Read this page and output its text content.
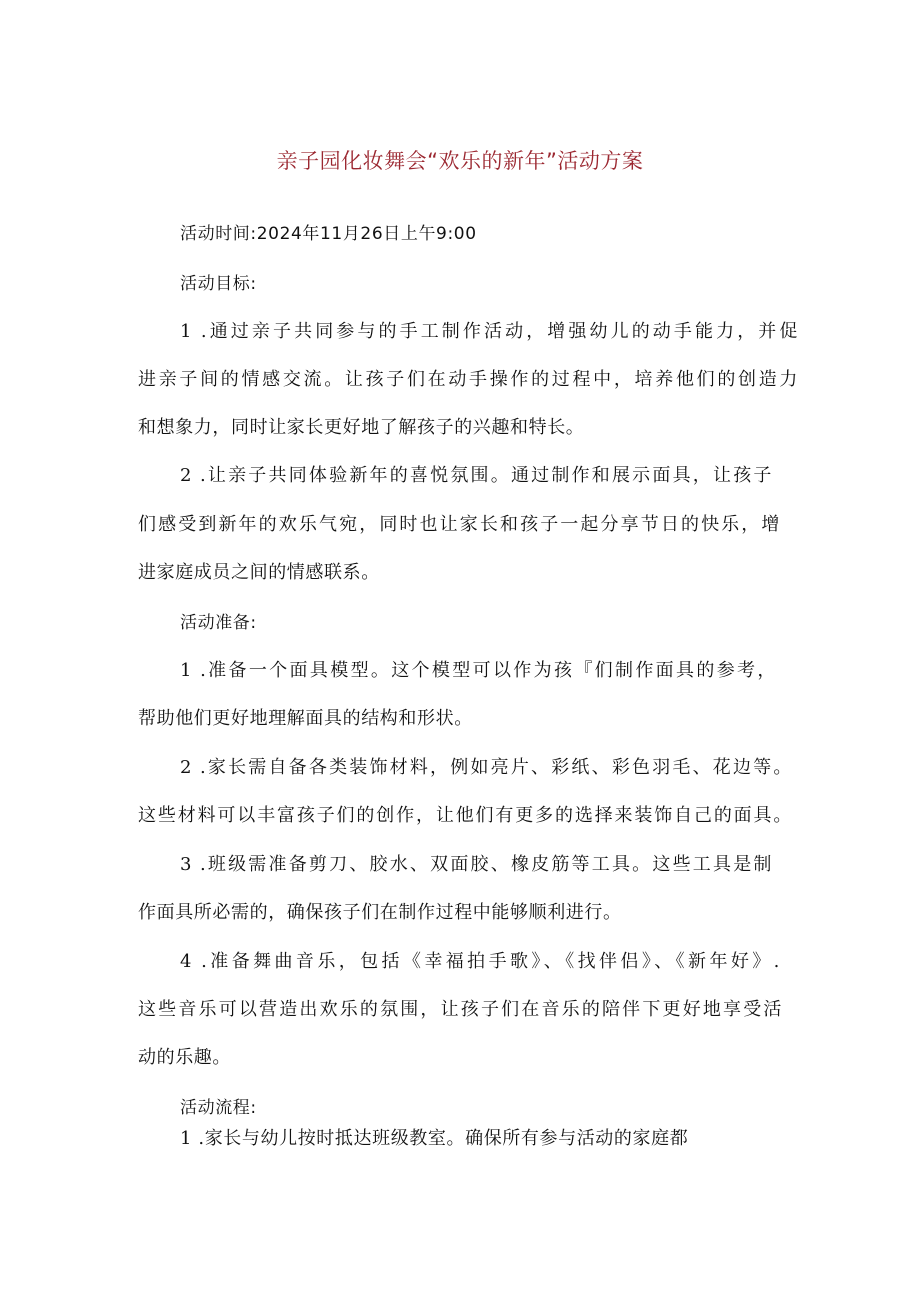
亲子园化妆舞会“欢乐的新年”活动方案
活动时间:2024年11月26日上午9:00
活动目标:
1 .通过亲子共同参与的手工制作活动，增强幼儿的动手能力，并促
进亲子间的情感交流。让孩子们在动手操作的过程中，培养他们的创造力
和想象力，同时让家长更好地了解孩子的兴趣和特长。
2 .让亲子共同体验新年的喜悦氛围。通过制作和展示面具，让孩子
们感受到新年的欢乐气宛，同时也让家长和孩子一起分享节日的快乐，增
进家庭成员之间的情感联系。
活动准备:
1 .准备一个面具模型。这个模型可以作为孩『们制作面具的参考，
帮助他们更好地理解面具的结构和形状。
2 .家长需自备各类装饰材料，例如亮片、彩纸、彩色羽毛、花边等。
这些材料可以丰富孩子们的创作，让他们有更多的选择来装饰自己的面具。
3 .班级需准备剪刀、胶水、双面胶、橡皮筋等工具。这些工具是制
作面具所必需的，确保孩子们在制作过程中能够顺利进行。
4 .准备舞曲音乐，包括《幸福拍手歌》、《找伴侣》、《新年好》.
这些音乐可以营造出欢乐的氛围，让孩子们在音乐的陪伴下更好地享受活
动的乐趣。
活动流程:
1 .家长与幼儿按时抵达班级教室。确保所有参与活动的家庭都
